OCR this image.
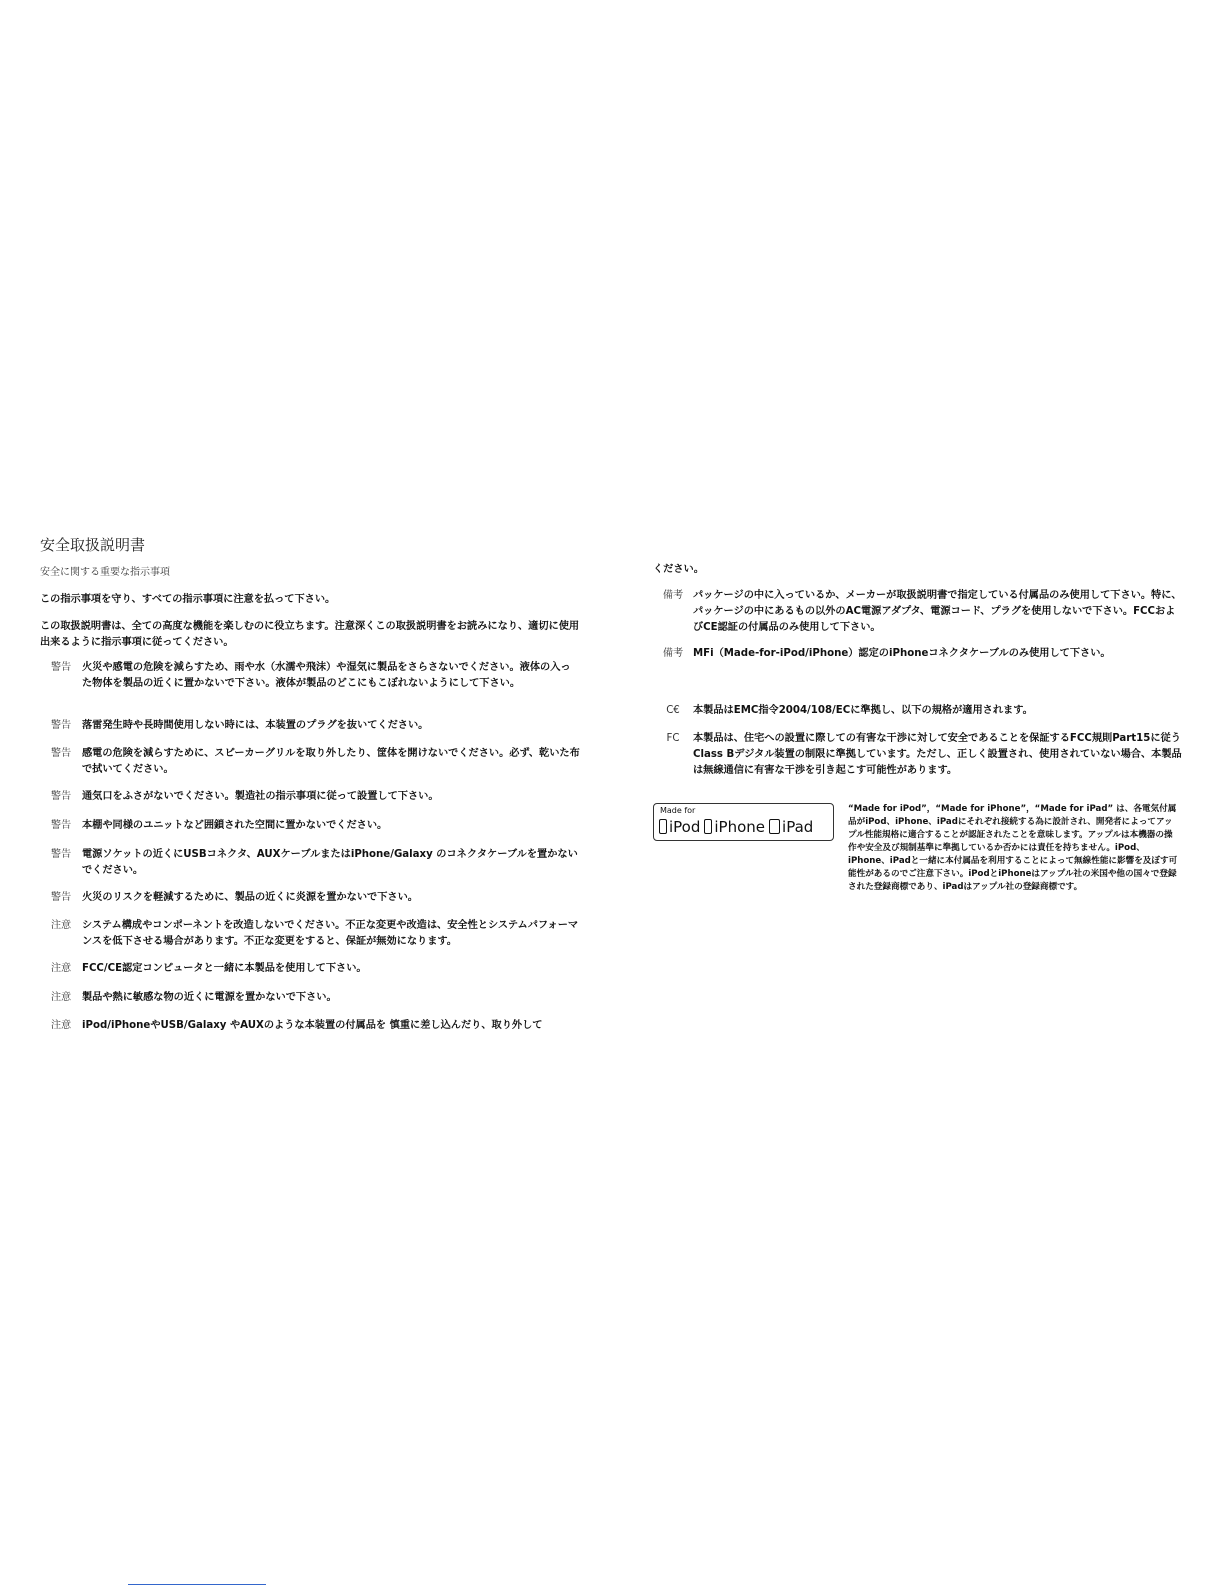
安全取扱説明書
安全に関する重要な指示事項
この指示事項を守り、すべての指示事項に注意を払って下さい。
この取扱説明書は、全ての高度な機能を楽しむのに役立ちます。注意深くこの取扱説明書をお読みになり、適切に使用出来るように指示事項に従ってください。
警告	火災や感電の危険を減らすため、雨や水（水濡や飛沫）や湿気に製品をさらさないでください。液体の入った物体を製品の近くに置かないで下さい。液体が製品のどこにもこぼれないようにして下さい。
警告	落雷発生時や長時間使用しない時には、本装置のプラグを抜いてください。
警告	感電の危険を減らすために、スピーカーグリルを取り外したり、筐体を開けないでください。必ず、乾いた布で拭いてください。
警告	通気口をふさがないでください。製造社の指示事項に従って設置して下さい。
警告	本棚や同様のユニットなど囲鎖された空間に置かないでください。
警告	電源ソケットの近くにUSBコネクタ、AUXケーブルまたはiPhone/Galaxy のコネクタケーブルを置かないでください。
警告	火災のリスクを軽減するために、製品の近くに炎源を置かないで下さい。
注意	システム構成やコンポーネントを改造しないでください。不正な変更や改造は、安全性とシステムパフォーマンスを低下させる場合があります。不正な変更をすると、保証が無効になります。
注意	FCC/CE認定コンピュータと一緒に本製品を使用して下さい。
注意	製品や熱に敏感な物の近くに電源を置かないで下さい。
注意	iPod/iPhoneやUSB/Galaxy やAUXのような本装置の付属品を 慎重に差し込んだり、取り外して
ください。
備考 パッケージの中に入っているか、メーカーが取扱説明書で指定している付属品のみ使用して下さい。特に、パッケージの中にあるもの以外のAC電源アダプタ、電源コード、プラグを使用しないで下さい。FCCおよびCE認証の付属品のみ使用して下さい。
備考 MFi（Made-for-iPod/iPhone）認定のiPhoneコネクタケーブルのみ使用して下さい。
C€	本製品はEMC指令2004/108/ECに準拠し、以下の規格が適用されます。
FC	本製品は、住宅への設置に際しての有害な干渉に対して安全であることを保証するFCC規則Part15に従うClass Bデジタル装置の制限に準拠しています。ただし、正しく設置され、使用されていない場合、本製品は無線通信に有害な干渉を引き起こす可能性があります。
Made for
iPod iPhone	iPad
“Made for iPod”，“Made for iPhone”，“Made for iPad” は、各電気付属品がiPod、iPhone、iPadにそれぞれ接続する為に設計され、開発者によってアップル性能規格に適合することが認証されたことを意味します。アップルは本機器の操作や安全及び規制基準に準拠しているか否かには責任を持ちません。iPod、iPhone、iPadと一緒に本付属品を利用することによって無線性能に影響を及ぼす可能性があるのでご注意下さい。iPodとiPhoneはアップル社の米国や他の国々で登録された登録商標であり、iPadはアップル社の登録商標です。
